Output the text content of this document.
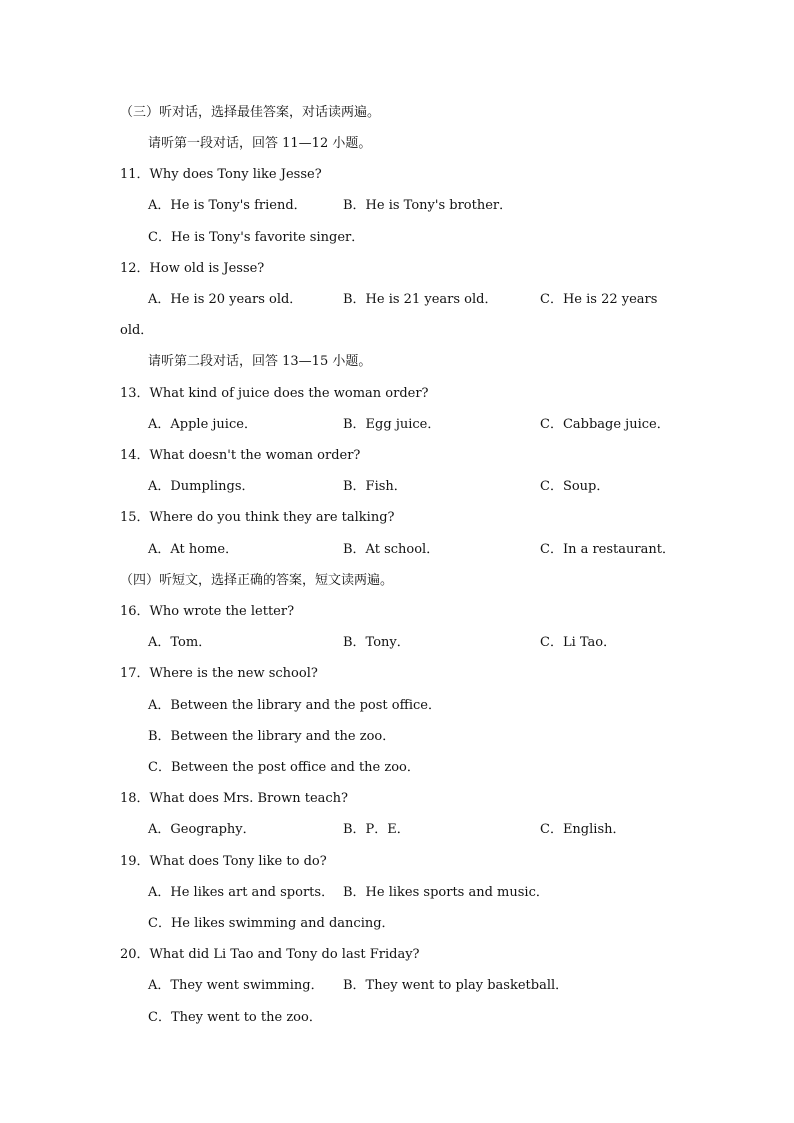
（三）听对话，选择最佳答案，对话读两遍。
请听第一段对话，回答 11—12 小题。
11．Why does Tony like Jesse?
A．He is Tony's friend．	B．He is Tony's brother．
C．He is Tony's favorite singer．
12．How old is Jesse?
A．He is 20 years old．	B．He is 21 years old．	C．He is 22 years
old．
请听第二段对话，回答 13—15 小题。
13．What kind of juice does the woman order?
A．Apple juice．	B．Egg juice．	C．Cabbage juice．
14．What doesn't the woman order?
A．Dumplings．	B．Fish．	C．Soup．
15．Where do you think they are talking?
A．At home．	B．At school．	C．In a restaurant．
（四）听短文，选择正确的答案，短文读两遍。
16．Who wrote the letter?
A．Tom．	B．Tony．	C．Li Tao．
17．Where is the new school?
A．Between the library and the post office．
B．Between the library and the zoo．
C．Between the post office and the zoo．
18．What does Mrs. Brown teach?
A．Geography．	B．P．E．	C．English．
19．What does Tony like to do?
A．He likes art and sports． B．He likes sports and music．
C．He likes swimming and dancing．
20．What did Li Tao and Tony do last Friday?
A．They went swimming． B．They went to play basketball．
C．They went to the zoo．
